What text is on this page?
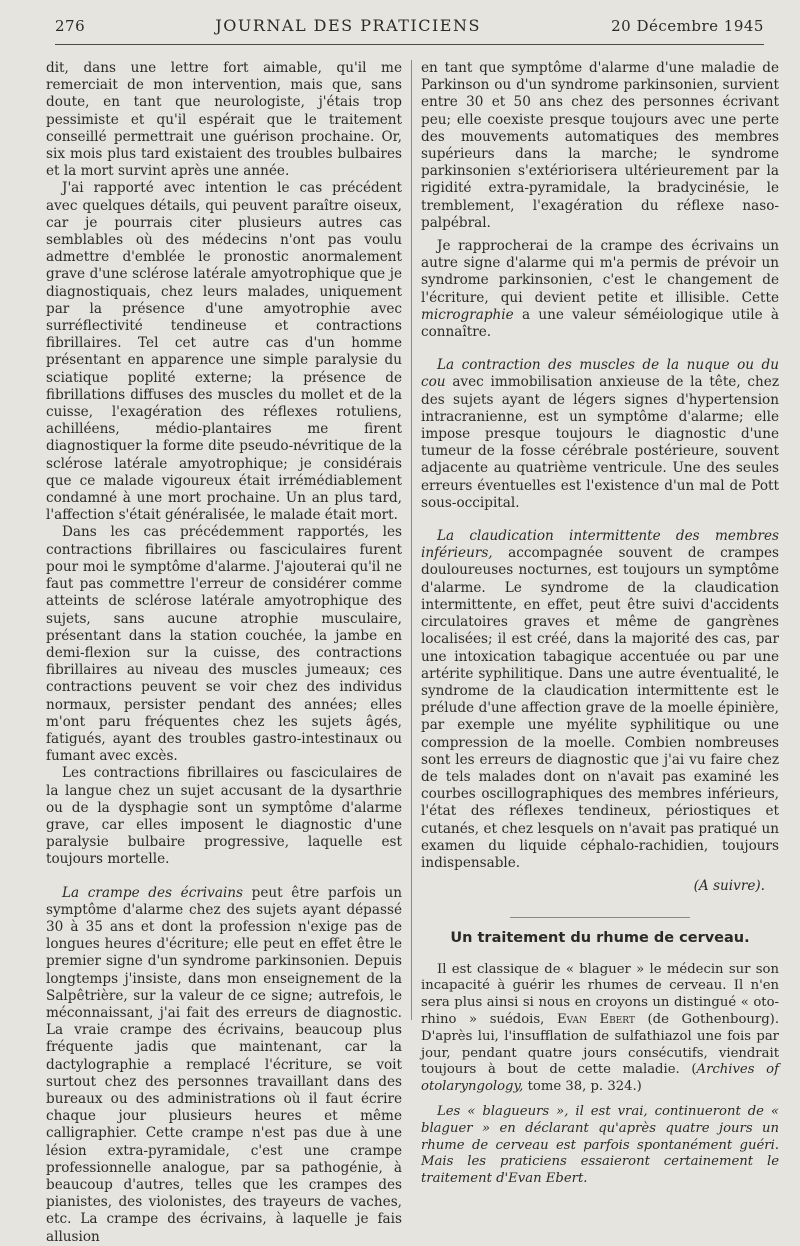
276	JOURNAL DES PRATICIENS	20 Décembre 1945

dit, dans une lettre fort aimable, qu'il me remerciait de mon intervention, mais que, sans doute, en tant que neurologiste, j'étais trop pessimiste et qu'il espérait que le traitement conseillé permettrait une guérison prochaine. Or, six mois plus tard existaient des troubles bulbaires et la mort survint après une année.

J'ai rapporté avec intention le cas précédent avec quelques détails, qui peuvent paraître oiseux, car je pourrais citer plusieurs autres cas semblables où des médecins n'ont pas voulu admettre d'emblée le pronostic anormalement grave d'une sclérose latérale amyotrophique que je diagnostiquais, chez leurs malades, uniquement par la présence d'une amyotrophie avec surréflectivité tendineuse et contractions fibrillaires. Tel cet autre cas d'un homme présentant en apparence une simple paralysie du sciatique poplité externe; la présence de fibrillations diffuses des muscles du mollet et de la cuisse, l'exagération des réflexes rotuliens, achilléens, médio-plantaires me firent diagnostiquer la forme dite pseudo-névritique de la sclérose latérale amyotrophique; je considérais que ce malade vigoureux était irrémédiablement condamné à une mort prochaine. Un an plus tard, l'affection s'était généralisée, le malade était mort.

Dans les cas précédemment rapportés, les contractions fibrillaires ou fasciculaires furent pour moi le symptôme d'alarme. J'ajouterai qu'il ne faut pas commettre l'erreur de considérer comme atteints de sclérose latérale amyotrophique des sujets, sans aucune atrophie musculaire, présentant dans la station couchée, la jambe en demi-flexion sur la cuisse, des contractions fibrillaires au niveau des muscles jumeaux; ces contractions peuvent se voir chez des individus normaux, persister pendant des années; elles m'ont paru fréquentes chez les sujets âgés, fatigués, ayant des troubles gastro-intestinaux ou fumant avec excès.

Les contractions fibrillaires ou fasciculaires de la langue chez un sujet accusant de la dysarthrie ou de la dysphagie sont un symptôme d'alarme grave, car elles imposent le diagnostic d'une paralysie bulbaire progressive, laquelle est toujours mortelle.

La crampe des écrivains peut être parfois un symptôme d'alarme chez des sujets ayant dépassé 30 à 35 ans et dont la profession n'exige pas de longues heures d'écriture; elle peut en effet être le premier signe d'un syndrome parkinsonien. Depuis longtemps j'insiste, dans mon enseignement de la Salpêtrière, sur la valeur de ce signe; autrefois, le méconnaissant, j'ai fait des erreurs de diagnostic. La vraie crampe des écrivains, beaucoup plus fréquente jadis que maintenant, car la dactylographie a remplacé l'écriture, se voit surtout chez des personnes travaillant dans des bureaux ou des administrations où il faut écrire chaque jour plusieurs heures et même calligraphier. Cette crampe n'est pas due à une lésion extra-pyramidale, c'est une crampe professionnelle analogue, par sa pathogénie, à beaucoup d'autres, telles que les crampes des pianistes, des violonistes, des trayeurs de vaches, etc. La crampe des écrivains, à laquelle je fais allusion

en tant que symptôme d'alarme d'une maladie de Parkinson ou d'un syndrome parkinsonien, survient entre 30 et 50 ans chez des personnes écrivant peu; elle coexiste presque toujours avec une perte des mouvements automatiques des membres supérieurs dans la marche; le syndrome parkinsonien s'extériorisera ultérieurement par la rigidité extra-pyramidale, la bradycinésie, le tremblement, l'exagération du réflexe naso-palpébral.

Je rapprocherai de la crampe des écrivains un autre signe d'alarme qui m'a permis de prévoir un syndrome parkinsonien, c'est le changement de l'écriture, qui devient petite et illisible. Cette micrographie a une valeur séméiologique utile à connaître.

La contraction des muscles de la nuque ou du cou avec immobilisation anxieuse de la tête, chez des sujets ayant de légers signes d'hypertension intracranienne, est un symptôme d'alarme; elle impose presque toujours le diagnostic d'une tumeur de la fosse cérébrale postérieure, souvent adjacente au quatrième ventricule. Une des seules erreurs éventuelles est l'existence d'un mal de Pott sous-occipital.

La claudication intermittente des membres inférieurs, accompagnée souvent de crampes douloureuses nocturnes, est toujours un symptôme d'alarme. Le syndrome de la claudication intermittente, en effet, peut être suivi d'accidents circulatoires graves et même de gangrènes localisées; il est créé, dans la majorité des cas, par une intoxication tabagique accentuée ou par une artérite syphilitique. Dans une autre éventualité, le syndrome de la claudication intermittente est le prélude d'une affection grave de la moelle épinière, par exemple une myélite syphilitique ou une compression de la moelle. Combien nombreuses sont les erreurs de diagnostic que j'ai vu faire chez de tels malades dont on n'avait pas examiné les courbes oscillographiques des membres inférieurs, l'état des réflexes tendineux, périostiques et cutanés, et chez lesquels on n'avait pas pratiqué un examen du liquide céphalo-rachidien, toujours indispensable.

(A suivre).
Un traitement du rhume de cerveau.

Il est classique de « blaguer » le médecin sur son incapacité à guérir les rhumes de cerveau. Il n'en sera plus ainsi si nous en croyons un distingué « oto-rhino » suédois, Evan Ebert (de Gothenbourg). D'après lui, l'insufflation de sulfathiazol une fois par jour, pendant quatre jours consécutifs, viendrait toujours à bout de cette maladie. (Archives of otolaryngology, tome 38, p. 324.)

Les « blagueurs », il est vrai, continueront de « blaguer » en déclarant qu'après quatre jours un rhume de cerveau est parfois spontanément guéri. Mais les praticiens essaieront certainement le traitement d'Evan Ebert.
